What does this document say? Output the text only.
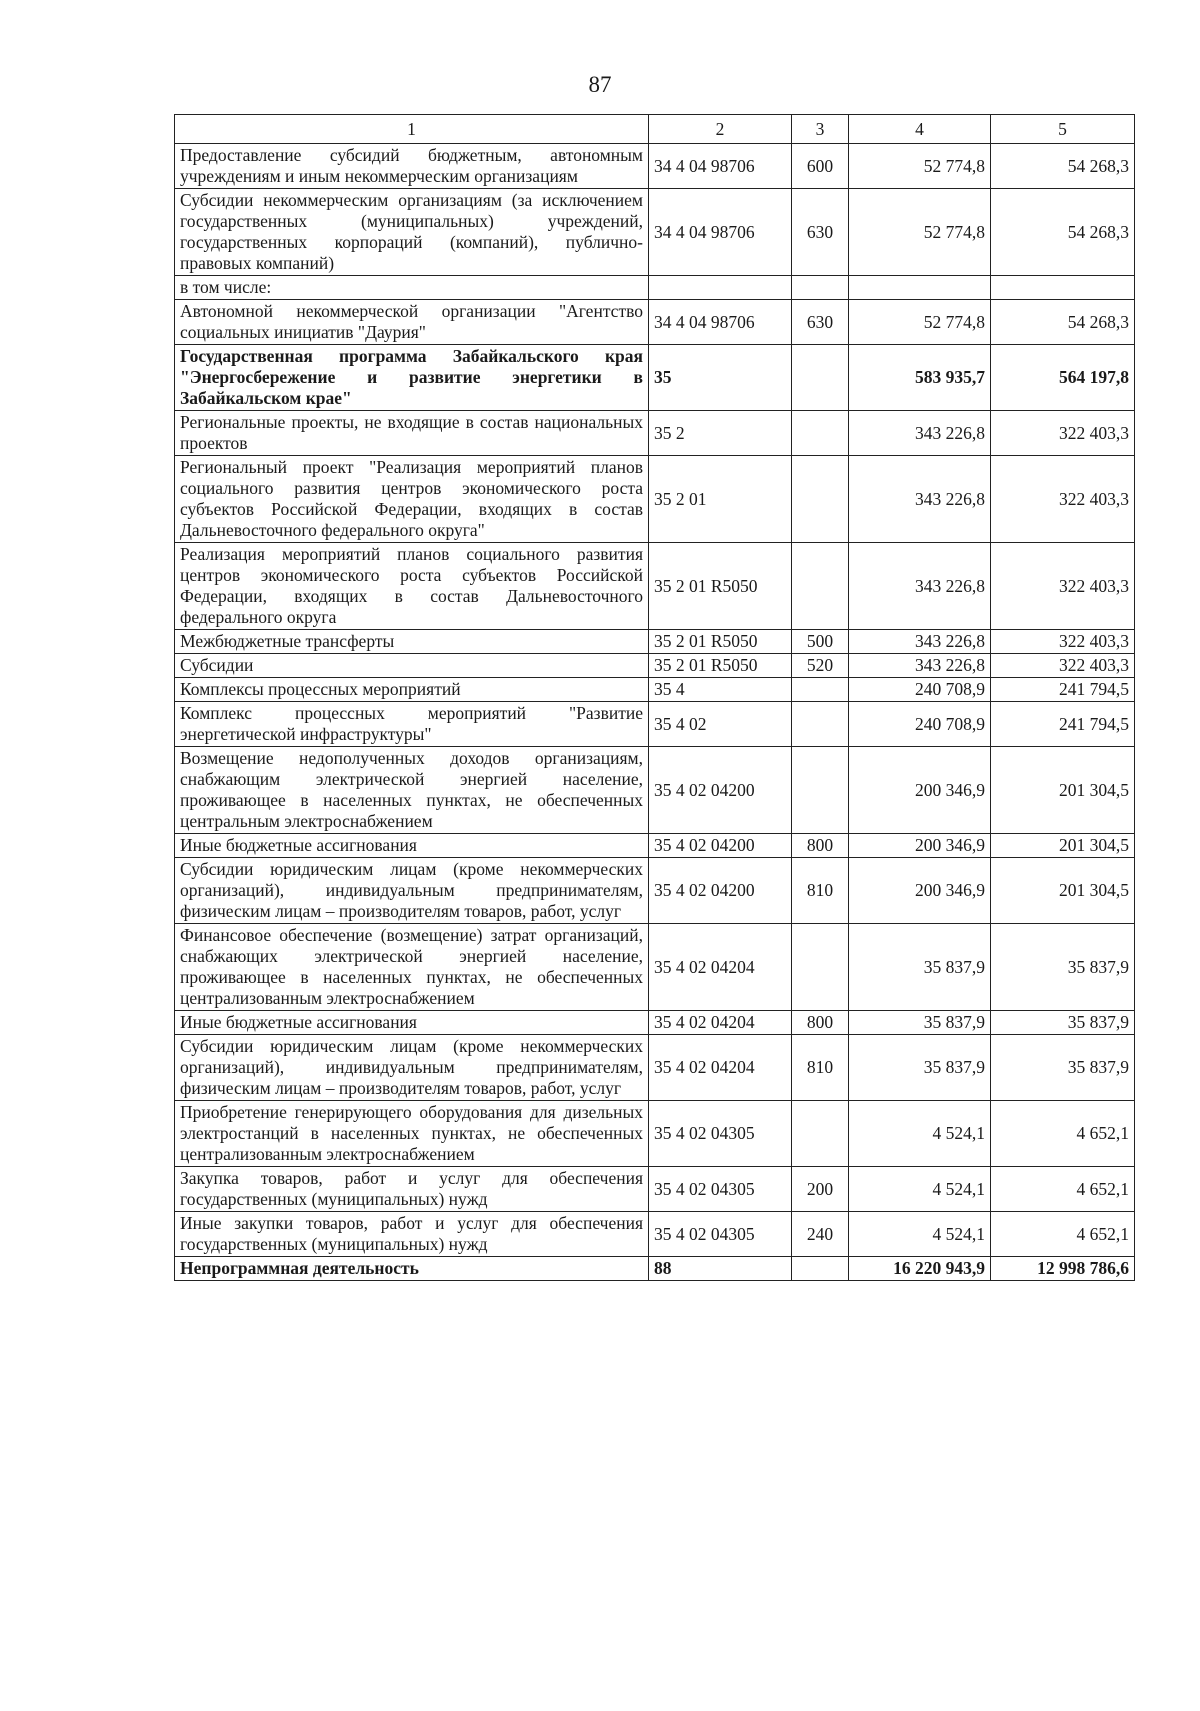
87
1	2	3	4	5
Предоставление субсидий бюджетным, автономным учреждениям и иным некоммерческим организациям	34 4 04 98706	600	52 774,8	54 268,3
Субсидии некоммерческим организациям (за исключением государственных (муниципальных) учреждений, государственных корпораций (компаний), публично-правовых компаний)	34 4 04 98706	630	52 774,8	54 268,3
в том числе:				
Автономной некоммерческой организации "Агентство социальных инициатив "Даурия"	34 4 04 98706	630	52 774,8	54 268,3
Государственная программа Забайкальского края "Энергосбережение и развитие энергетики в Забайкальском крае"	35		583 935,7	564 197,8
Региональные проекты, не входящие в состав национальных проектов	35 2		343 226,8	322 403,3
Региональный проект "Реализация мероприятий планов социального развития центров экономического роста субъектов Российской Федерации, входящих в состав Дальневосточного федерального округа"	35 2 01		343 226,8	322 403,3
Реализация мероприятий планов социального развития центров экономического роста субъектов Российской Федерации, входящих в состав Дальневосточного федерального округа	35 2 01 R5050		343 226,8	322 403,3
Межбюджетные трансферты	35 2 01 R5050	500	343 226,8	322 403,3
Субсидии	35 2 01 R5050	520	343 226,8	322 403,3
Комплексы процессных мероприятий	35 4		240 708,9	241 794,5
Комплекс процессных мероприятий "Развитие энергетической инфраструктуры"	35 4 02		240 708,9	241 794,5
Возмещение недополученных доходов организациям, снабжающим электрической энергией население, проживающее в населенных пунктах, не обеспеченных центральным электроснабжением	35 4 02 04200		200 346,9	201 304,5
Иные бюджетные ассигнования	35 4 02 04200	800	200 346,9	201 304,5
Субсидии юридическим лицам (кроме некоммерческих организаций), индивидуальным предпринимателям, физическим лицам – производителям товаров, работ, услуг	35 4 02 04200	810	200 346,9	201 304,5
Финансовое обеспечение (возмещение) затрат организаций, снабжающих электрической энергией население, проживающее в населенных пунктах, не обеспеченных централизованным электроснабжением	35 4 02 04204		35 837,9	35 837,9
Иные бюджетные ассигнования	35 4 02 04204	800	35 837,9	35 837,9
Субсидии юридическим лицам (кроме некоммерческих организаций), индивидуальным предпринимателям, физическим лицам – производителям товаров, работ, услуг	35 4 02 04204	810	35 837,9	35 837,9
Приобретение генерирующего оборудования для дизельных электростанций в населенных пунктах, не обеспеченных централизованным электроснабжением	35 4 02 04305		4 524,1	4 652,1
Закупка товаров, работ и услуг для обеспечения государственных (муниципальных) нужд	35 4 02 04305	200	4 524,1	4 652,1
Иные закупки товаров, работ и услуг для обеспечения государственных (муниципальных) нужд	35 4 02 04305	240	4 524,1	4 652,1
Непрограммная деятельность	88		16 220 943,9	12 998 786,6
